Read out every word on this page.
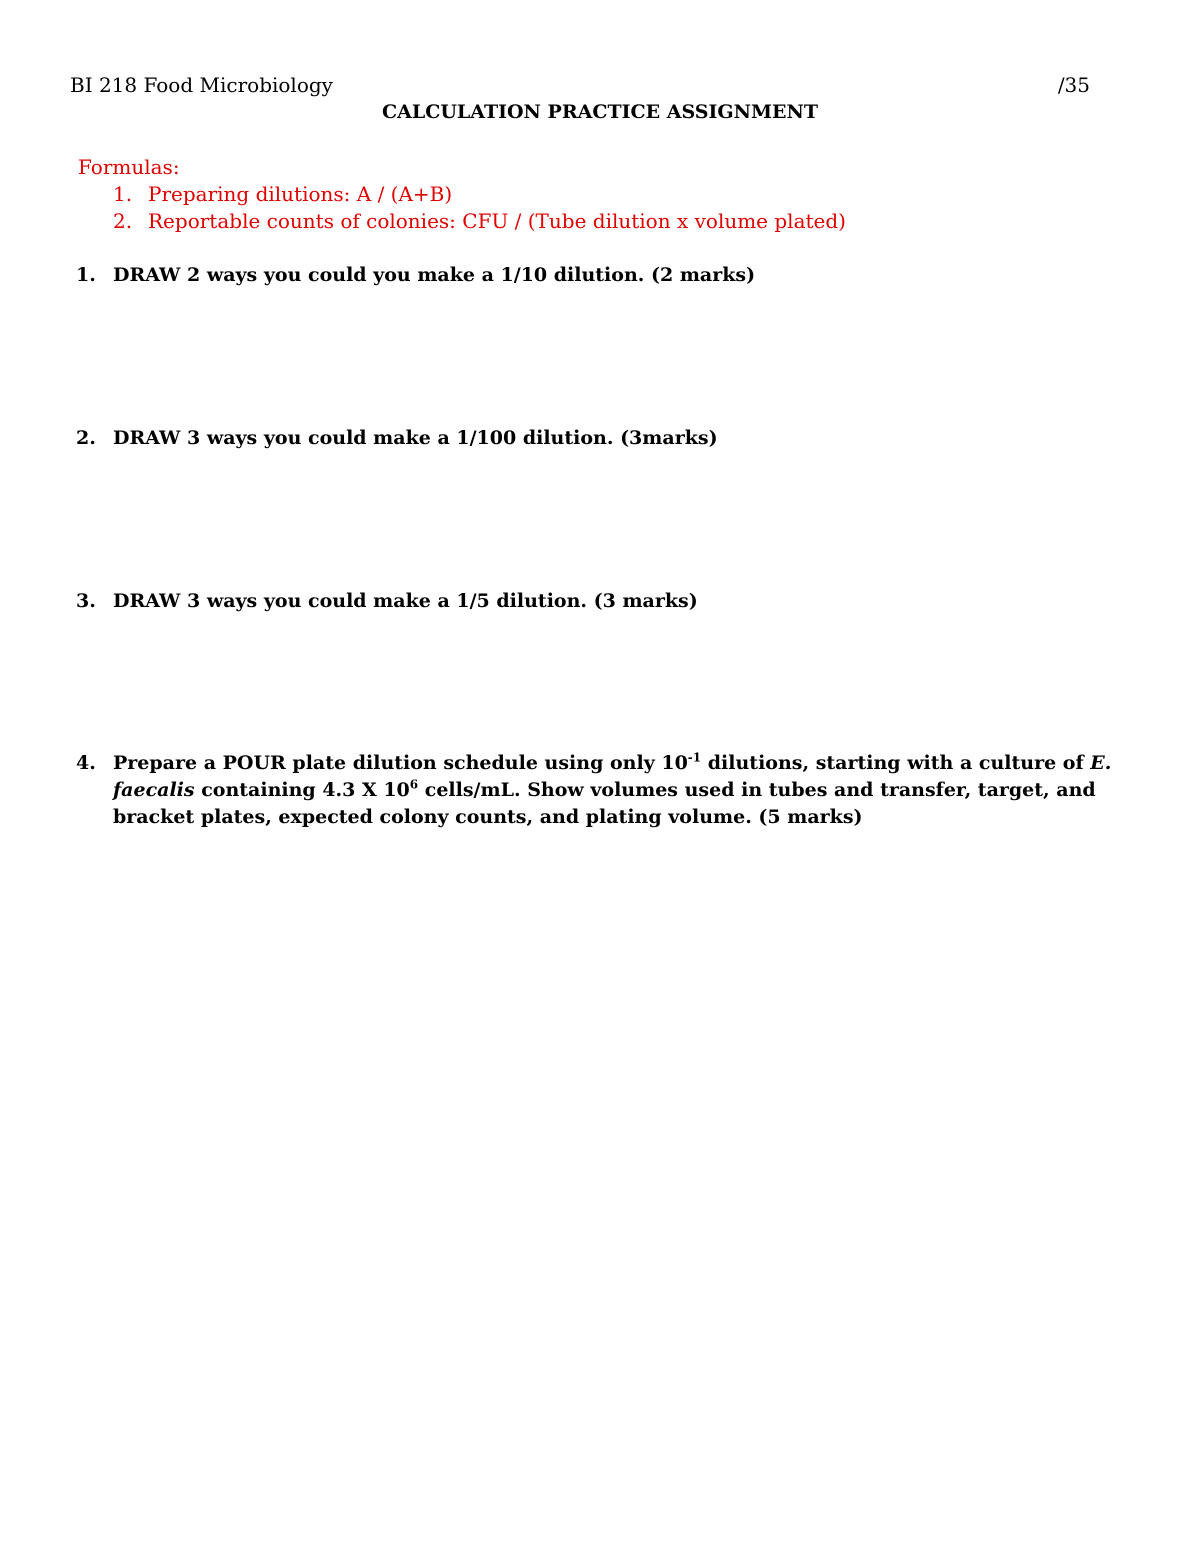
BI 218 Food Microbiology	/35
CALCULATION PRACTICE ASSIGNMENT

Formulas:

1. Preparing dilutions: A / (A+B)
2. Reportable counts of colonies: CFU / (Tube dilution x volume plated)
1. DRAW 2 ways you could you make a 1/10 dilution. (2 marks)
2. DRAW 3 ways you could make a 1/100 dilution. (3marks)
3. DRAW 3 ways you could make a 1/5 dilution. (3 marks)
4. Prepare a POUR plate dilution schedule using only $10^{-1}$ dilutions, starting with a culture of E. faecalis containing 4.3 X $10^6$ cells/mL. Show volumes used in tubes and transfer, target, and bracket plates, expected colony counts, and plating volume. (5 marks)
